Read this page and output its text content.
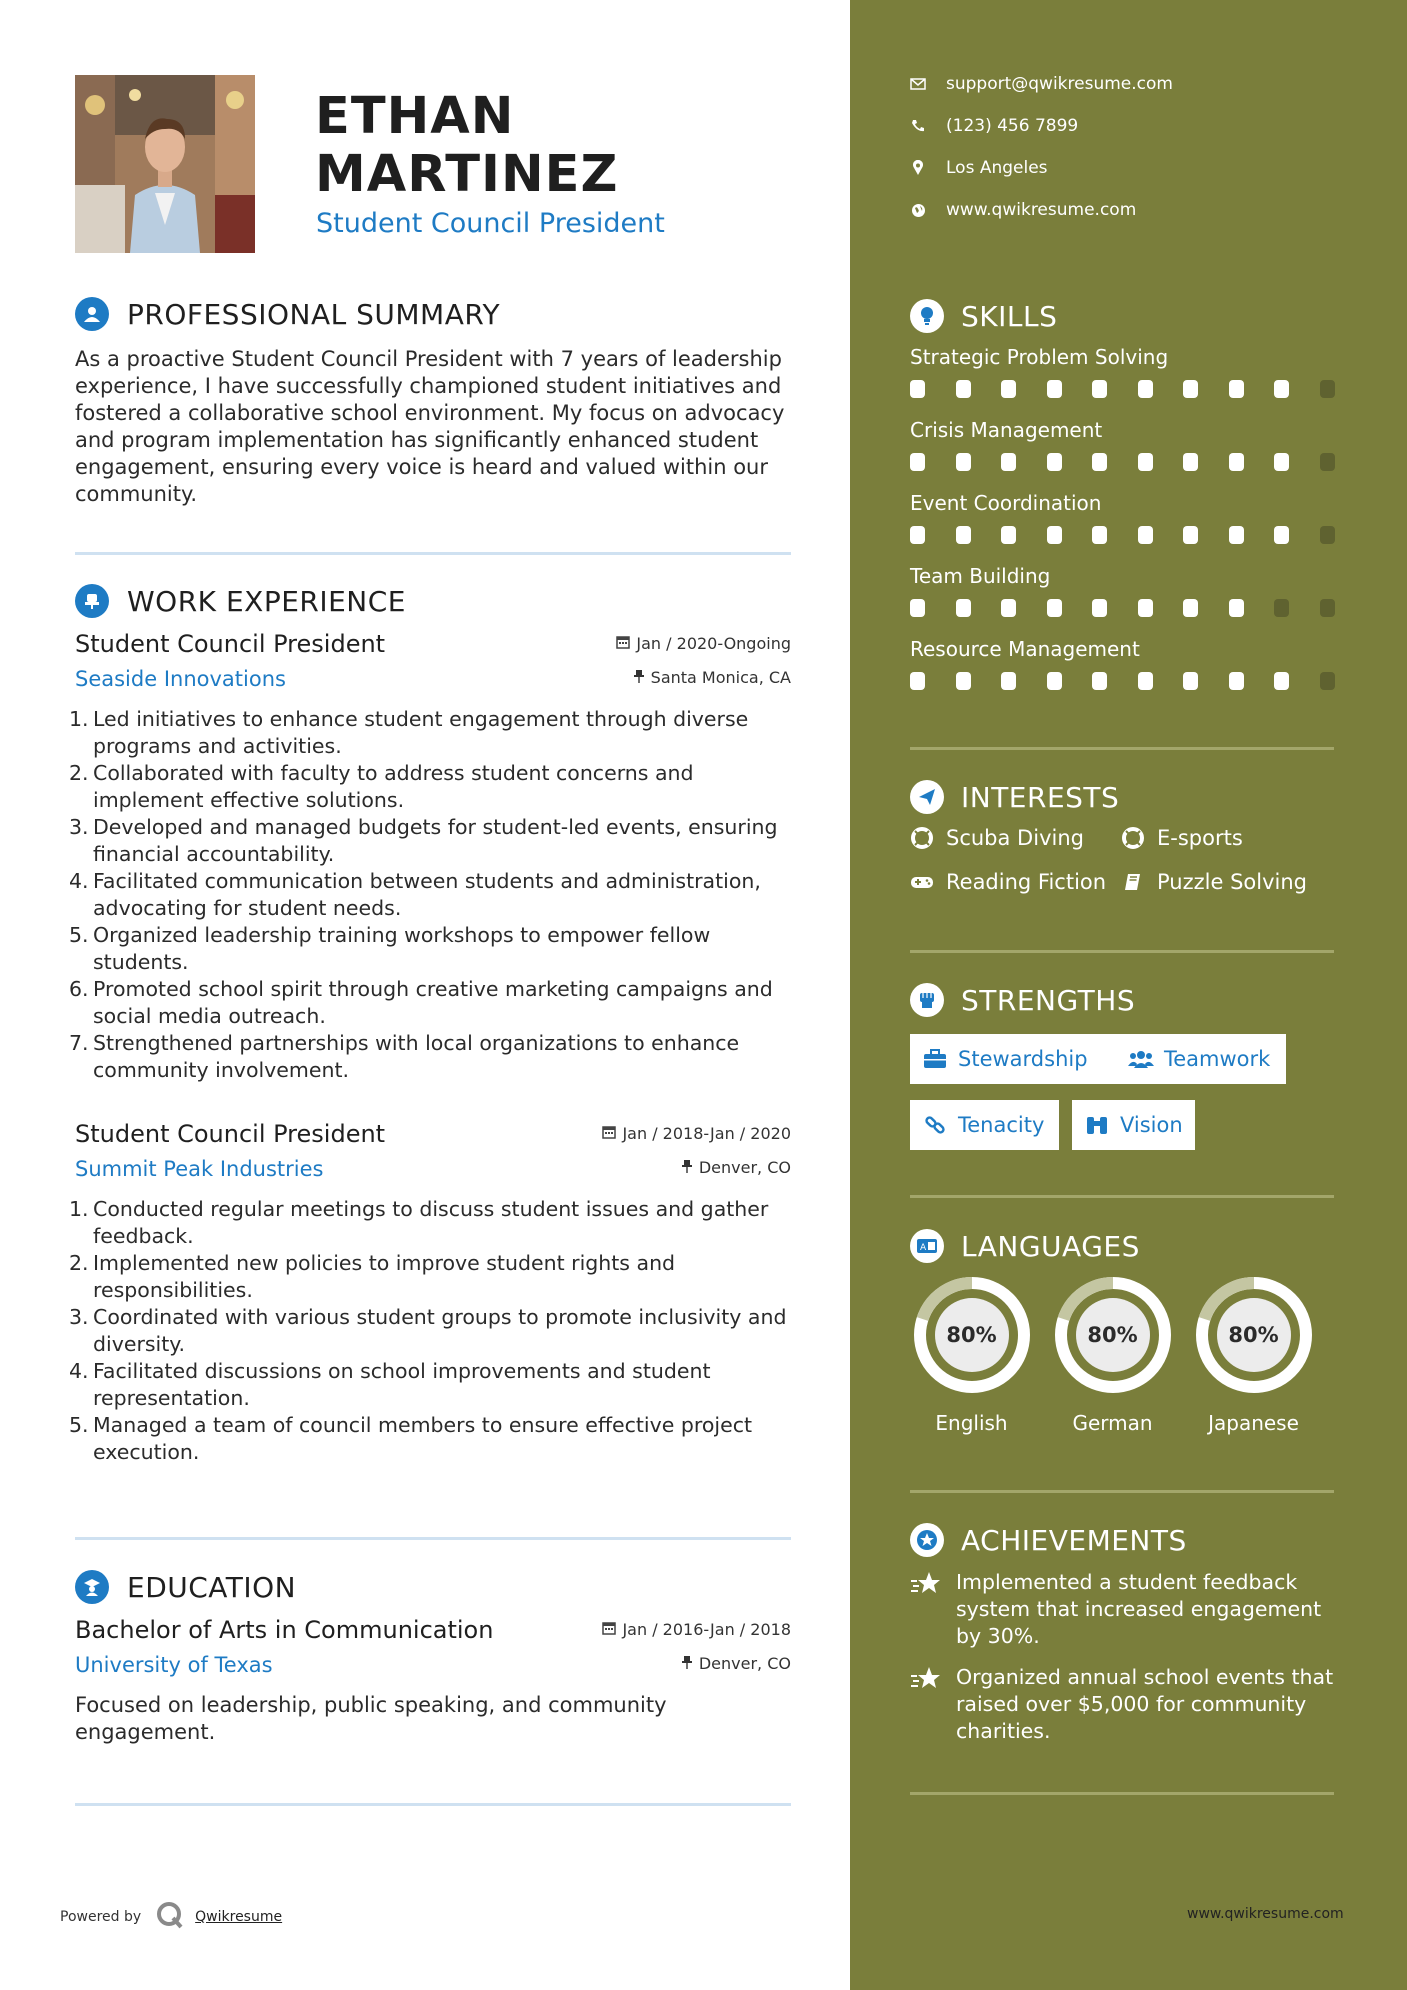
ETHAN
MARTINEZ
Student Council President
PROFESSIONAL SUMMARY
As a proactive Student Council President with 7 years of leadership experience, I have successfully championed student initiatives and fostered a collaborative school environment. My focus on advocacy and program implementation has significantly enhanced student engagement, ensuring every voice is heard and valued within our community.
WORK EXPERIENCE
Student Council President	Jan / 2020-Ongoing
Seaside Innovations	Santa Monica, CA
1. Led initiatives to enhance student engagement through diverse programs and activities.
2. Collaborated with faculty to address student concerns and implement effective solutions.
3. Developed and managed budgets for student-led events, ensuring financial accountability.
4. Facilitated communication between students and administration, advocating for student needs.
5. Organized leadership training workshops to empower fellow students.
6. Promoted school spirit through creative marketing campaigns and social media outreach.
7. Strengthened partnerships with local organizations to enhance community involvement.
Student Council President	Jan / 2018-Jan / 2020
Summit Peak Industries	Denver, CO
1. Conducted regular meetings to discuss student issues and gather feedback.
2. Implemented new policies to improve student rights and responsibilities.
3. Coordinated with various student groups to promote inclusivity and diversity.
4. Facilitated discussions on school improvements and student representation.
5. Managed a team of council members to ensure effective project execution.
EDUCATION
Bachelor of Arts in Communication	Jan / 2016-Jan / 2018
University of Texas	Denver, CO
Focused on leadership, public speaking, and community engagement.
Powered by	Qwikresume
support@qwikresume.com
(123) 456 7899
Los Angeles
www.qwikresume.com
SKILLS
Strategic Problem Solving
Crisis Management
Event Coordination
Team Building
Resource Management
INTERESTS
Scuba Diving	E-sports
Reading Fiction Puzzle Solving
STRENGTHS
Stewardship	Teamwork
Tenacity	Vision
A LANGUAGES
80%
English
80%
German
80%
Japanese
ACHIEVEMENTS
Implemented a student feedback system that increased engagement by 30%.
Organized annual school events that raised over $5,000 for community charities.
www.qwikresume.com
